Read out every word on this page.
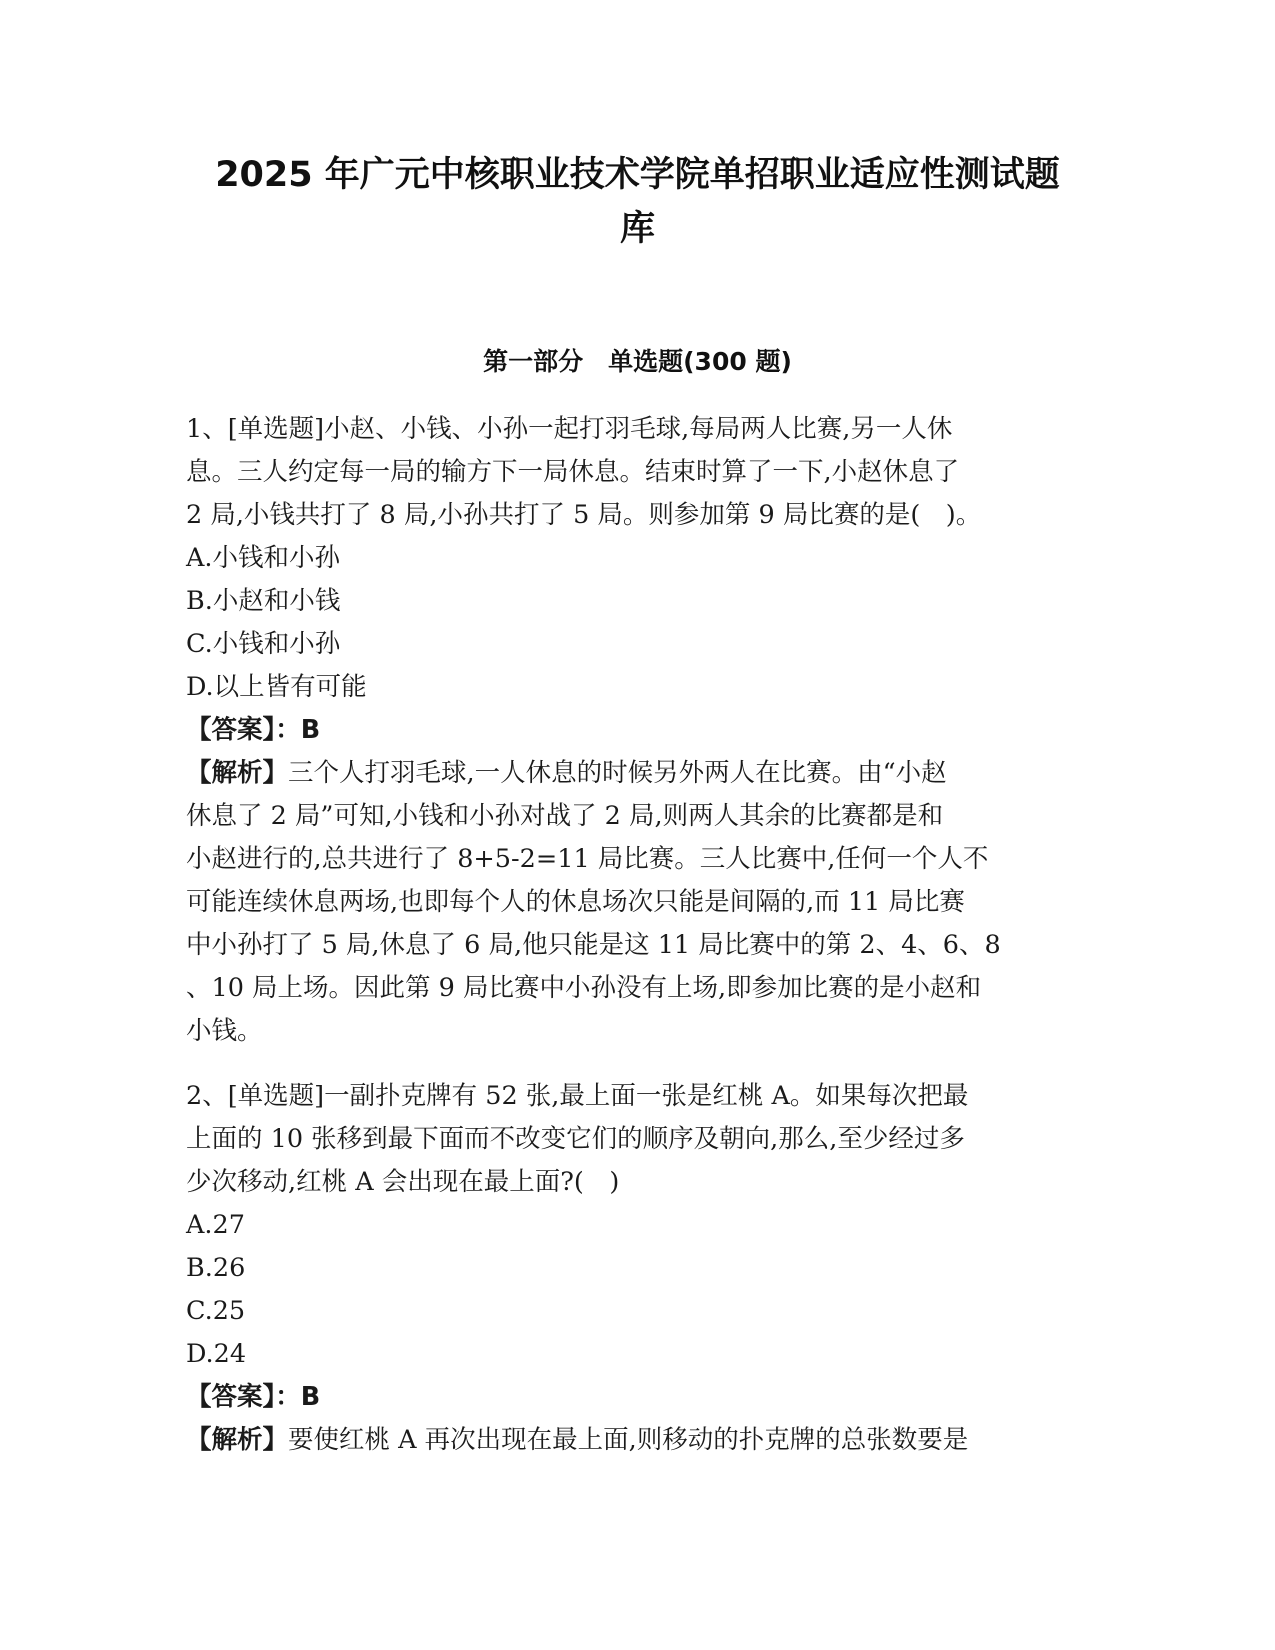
2025 年广元中核职业技术学院单招职业适应性测试题
库
第一部分　单选题(300 题)
1、[单选题]小赵、小钱、小孙一起打羽毛球,每局两人比赛,另一人休
息。三人约定每一局的输方下一局休息。结束时算了一下,小赵休息了
2 局,小钱共打了 8 局,小孙共打了 5 局。则参加第 9 局比赛的是(　)。
A.小钱和小孙
B.小赵和小钱
C.小钱和小孙
D.以上皆有可能
【答案】：B
【解析】三个人打羽毛球,一人休息的时候另外两人在比赛。由“小赵
休息了 2 局”可知,小钱和小孙对战了 2 局,则两人其余的比赛都是和
小赵进行的,总共进行了 8+5-2=11 局比赛。三人比赛中,任何一个人不
可能连续休息两场,也即每个人的休息场次只能是间隔的,而 11 局比赛
中小孙打了 5 局,休息了 6 局,他只能是这 11 局比赛中的第 2、4、6、8
、10 局上场。因此第 9 局比赛中小孙没有上场,即参加比赛的是小赵和
小钱。
2、[单选题]一副扑克牌有 52 张,最上面一张是红桃 A。如果每次把最
上面的 10 张移到最下面而不改变它们的顺序及朝向,那么,至少经过多
少次移动,红桃 A 会出现在最上面?(　)
A.27
B.26
C.25
D.24
【答案】：B
【解析】要使红桃 A 再次出现在最上面,则移动的扑克牌的总张数要是
